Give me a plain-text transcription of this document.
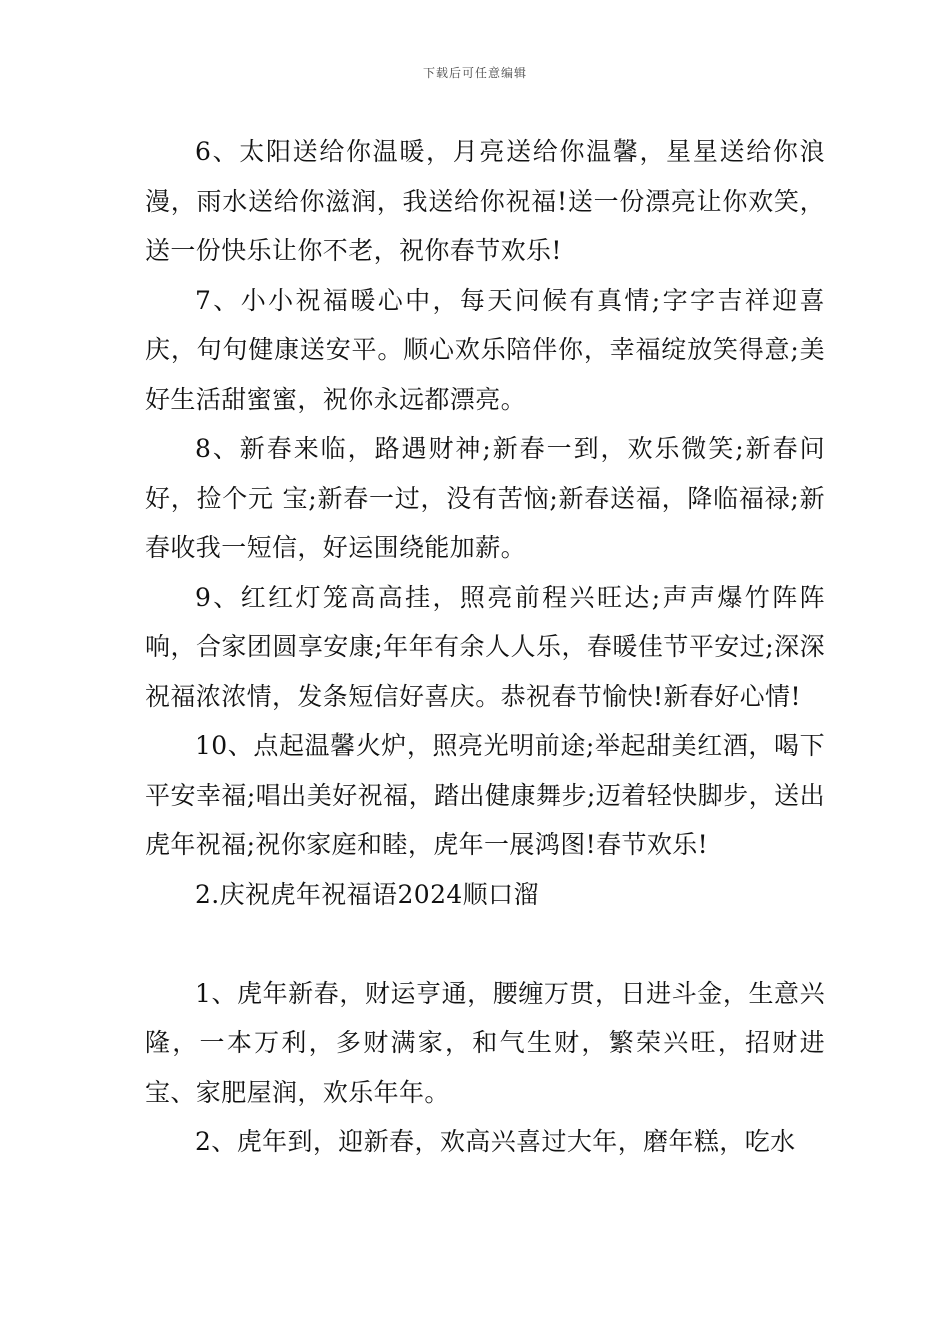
下载后可任意编辑

6、太阳送给你温暖，月亮送给你温馨，星星送给你浪漫，雨水送给你滋润，我送给你祝福!送一份漂亮让你欢笑，送一份快乐让你不老，祝你春节欢乐!

7、小小祝福暖心中，每天问候有真情;字字吉祥迎喜庆，句句健康送安平。顺心欢乐陪伴你，幸福绽放笑得意;美好生活甜蜜蜜，祝你永远都漂亮。

8、新春来临，路遇财神;新春一到，欢乐微笑;新春问好，捡个元 宝;新春一过，没有苦恼;新春送福，降临福禄;新春收我一短信，好运围绕能加薪。

9、红红灯笼高高挂，照亮前程兴旺达;声声爆竹阵阵响，合家团圆享安康;年年有余人人乐，春暖佳节平安过;深深祝福浓浓情，发条短信好喜庆。恭祝春节愉快!新春好心情!

10、点起温馨火炉，照亮光明前途;举起甜美红酒，喝下平安幸福;唱出美好祝福，踏出健康舞步;迈着轻快脚步，送出虎年祝福;祝你家庭和睦，虎年一展鸿图!春节欢乐!

2.庆祝虎年祝福语2024顺口溜

1、虎年新春，财运亨通，腰缠万贯，日进斗金，生意兴隆，一本万利，多财满家，和气生财，繁荣兴旺，招财进宝、家肥屋润，欢乐年年。

2、虎年到，迎新春，欢高兴喜过大年，磨年糕，吃水
